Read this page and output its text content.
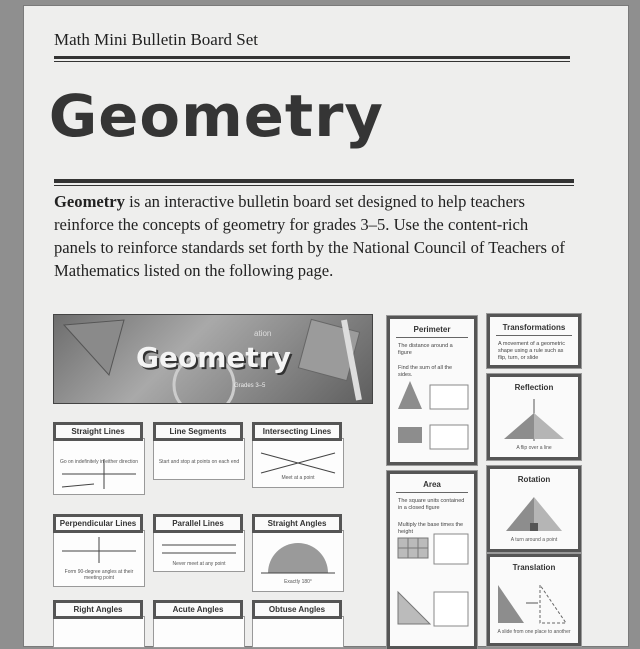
Math Mini Bulletin Board Set
Geometry
Geometry is an interactive bulletin board set designed to help teachers reinforce the concepts of geometry for grades 3–5. Use the content-rich panels to reinforce standards set forth by the National Council of Teachers of Mathematics listed on the following page.
ation
Geometry
Grades 3–5
Go on indefinitely in either direction
Straight Lines
Start and stop at points on each end
Line Segments
Meet at a point
Intersecting Lines
Form 90-degree angles at their meeting point
Perpendicular Lines
Never meet at any point
Parallel Lines
Exactly 180°
Straight Angles
Right Angles	Acute Angles	Obtuse Angles
Perimeter
The distance around a figure
Find the sum of all the sides.
Area
The square units contained in a closed figure
Multiply the base times the height
Transformations
A movement of a geometric shape using a rule such as flip, turn, or slide
Reflection
A flip over a line
Rotation
A turn around a point
Translation
A slide from one place to another
